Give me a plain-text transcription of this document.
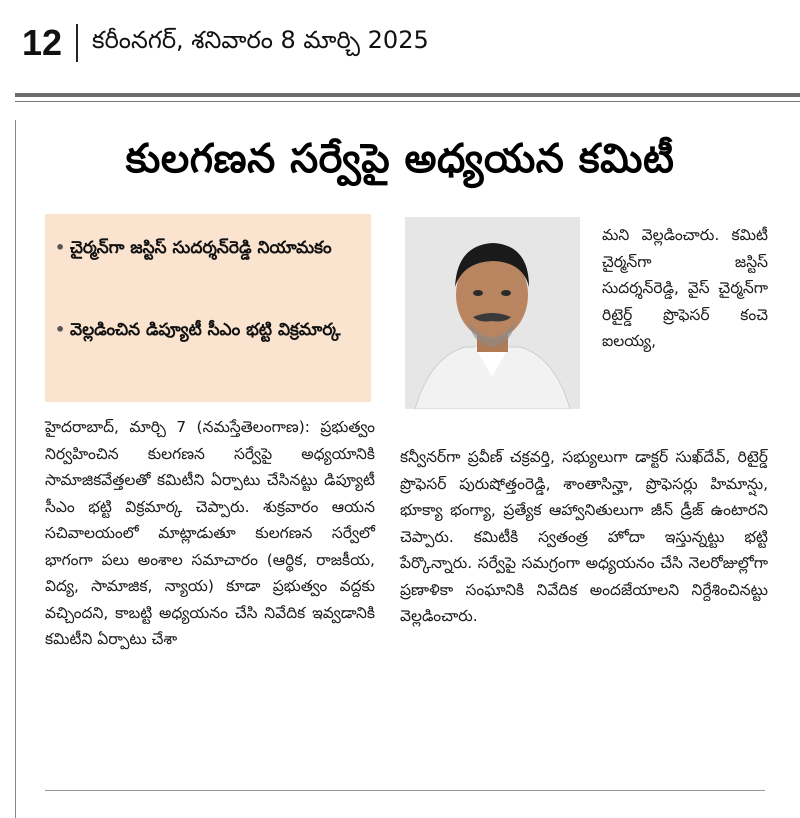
12 కరీంనగర్, శనివారం 8 మార్చి 2025
కులగణన సర్వేపై అధ్యయన కమిటీ
• చైర్మన్‌గా జస్టిస్ సుదర్శన్‌రెడ్డి నియామకం
• వెల్లడించిన డిప్యూటీ సీఎం భట్టి విక్రమార్క
హైదరాబాద్, మార్చి 7 (నమస్తేతెలంగాణ): ప్రభుత్వం నిర్వహించిన కులగణన సర్వేపై అధ్యయానికి సామాజికవేత్తలతో కమిటీని ఏర్పాటు చేసినట్టు డిప్యూటీ సీఎం భట్టి విక్రమార్క చెప్పారు. శుక్రవారం ఆయన సచివాలయంలో మాట్లాడుతూ కులగణన సర్వేలో భాగంగా పలు అంశాల సమాచారం (ఆర్థిక, రాజకీయ, విద్య, సామాజిక, న్యాయ) కూడా ప్రభుత్వం వద్దకు వచ్చిందని, కాబట్టి అధ్యయనం చేసి నివేదిక ఇవ్వడానికి కమిటీని ఏర్పాటు చేశా
మని వెల్లడించారు. కమిటీ చైర్మన్‌గా జస్టిస్ సుదర్శన్‌రెడ్డి, వైస్ చైర్మన్‌గా రిటైర్డ్ ప్రొఫెసర్ కంచె ఐలయ్య,
కన్వీనర్‌గా ప్రవీణ్ చక్రవర్తి, సభ్యులుగా డాక్టర్ సుఖ్‌దేవ్, రిటైర్డ్ ప్రొఫెసర్ పురుషోత్తంరెడ్డి, శాంతాసిన్హా, ప్రొఫెసర్లు హిమాన్షు, భూక్యా భంగ్యా, ప్రత్యేక ఆహ్వానితులుగా జీన్ డ్రీజ్ ఉంటారని చెప్పారు. కమిటీకి స్వతంత్ర హోదా ఇస్తున్నట్టు భట్టి పేర్కొన్నారు. సర్వేపై సమగ్రంగా అధ్యయనం చేసి నెలరోజుల్లోగా ప్రణాళికా సంఘానికి నివేదిక అందజేయాలని నిర్దేశించినట్టు వెల్లడించారు.
